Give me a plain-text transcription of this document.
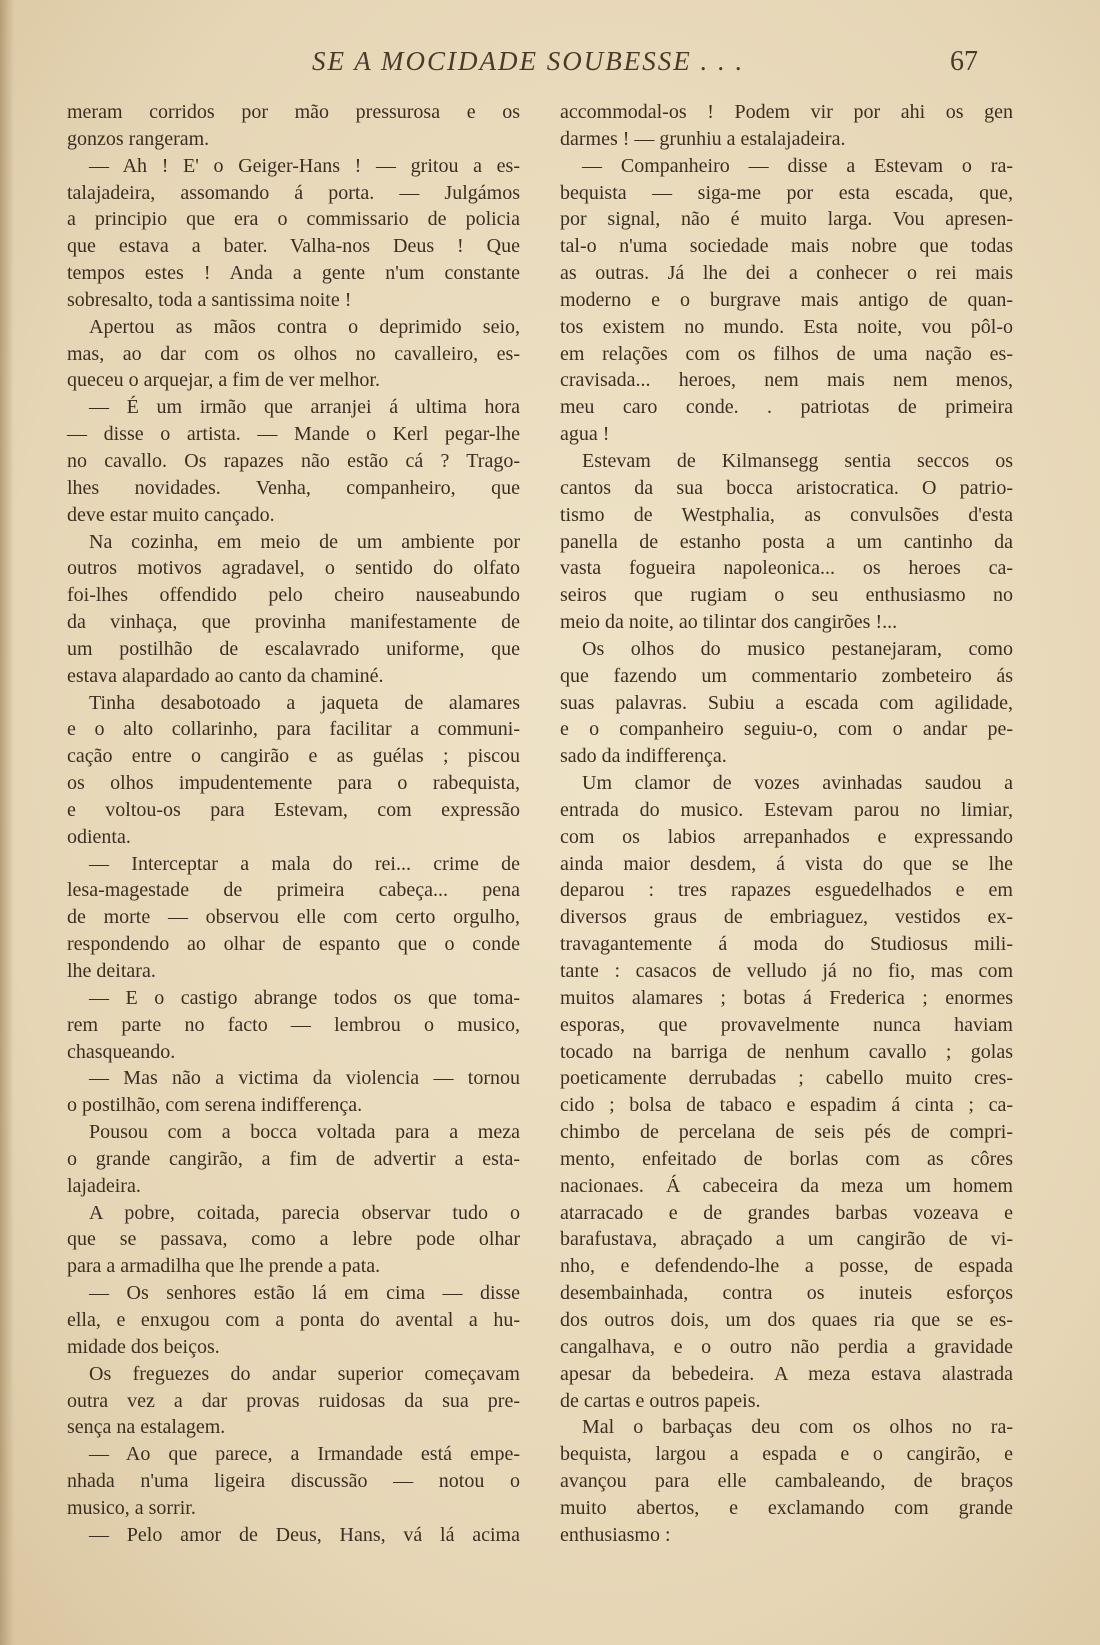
SE A MOCIDADE SOUBESSE . . .	67
meram corridos por mão pressurosa e os
gonzos rangeram.
— Ah ! E' o Geiger-Hans ! — gritou a es-
talajadeira, assomando á porta. — Julgámos
a principio que era o commissario de policia
que estava a bater. Valha-nos Deus ! Que
tempos estes ! Anda a gente n'um constante
sobresalto, toda a santissima noite !
Apertou as mãos contra o deprimido seio,
mas, ao dar com os olhos no cavalleiro, es-
queceu o arquejar, a fim de ver melhor.
— É um irmão que arranjei á ultima hora
— disse o artista. — Mande o Kerl pegar-lhe
no cavallo. Os rapazes não estão cá ? Trago-
lhes novidades. Venha, companheiro, que
deve estar muito cançado.
Na cozinha, em meio de um ambiente por
outros motivos agradavel, o sentido do olfato
foi-lhes offendido pelo cheiro nauseabundo
da vinhaça, que provinha manifestamente de
um postilhão de escalavrado uniforme, que
estava alapardado ao canto da chaminé.
Tinha desabotoado a jaqueta de alamares
e o alto collarinho, para facilitar a communi-
cação entre o cangirão e as guélas ; piscou
os olhos impudentemente para o rabequista,
e voltou-os para Estevam, com expressão
odienta.
— Interceptar a mala do rei... crime de
lesa-magestade de primeira cabeça... pena
de morte — observou elle com certo orgulho,
respondendo ao olhar de espanto que o conde
lhe deitara.
— E o castigo abrange todos os que toma-
rem parte no facto — lembrou o musico,
chasqueando.
— Mas não a victima da violencia — tornou
o postilhão, com serena indifferença.
Pousou com a bocca voltada para a meza
o grande cangirão, a fim de advertir a esta-
lajadeira.
A pobre, coitada, parecia observar tudo o
que se passava, como a lebre pode olhar
para a armadilha que lhe prende a pata.
— Os senhores estão lá em cima — disse
ella, e enxugou com a ponta do avental a hu-
midade dos beiços.
Os freguezes do andar superior começavam
outra vez a dar provas ruidosas da sua pre-
sença na estalagem.
— Ao que parece, a Irmandade está empe-
nhada n'uma ligeira discussão — notou o
musico, a sorrir.
— Pelo amor de Deus, Hans, vá lá acima
accommodal-os ! Podem vir por ahi os gen
darmes ! — grunhiu a estalajadeira.
— Companheiro — disse a Estevam o ra-
bequista — siga-me por esta escada, que,
por signal, não é muito larga. Vou apresen-
tal-o n'uma sociedade mais nobre que todas
as outras. Já lhe dei a conhecer o rei mais
moderno e o burgrave mais antigo de quan-
tos existem no mundo. Esta noite, vou pôl-o
em relações com os filhos de uma nação es-
cravisada... heroes, nem mais nem menos,
meu caro conde. . patriotas de primeira
agua !
Estevam de Kilmansegg sentia seccos os
cantos da sua bocca aristocratica. O patrio-
tismo de Westphalia, as convulsões d'esta
panella de estanho posta a um cantinho da
vasta fogueira napoleonica... os heroes ca-
seiros que rugiam o seu enthusiasmo no
meio da noite, ao tilintar dos cangirões !...
Os olhos do musico pestanejaram, como
que fazendo um commentario zombeteiro ás
suas palavras. Subiu a escada com agilidade,
e o companheiro seguiu-o, com o andar pe-
sado da indifferença.
Um clamor de vozes avinhadas saudou a
entrada do musico. Estevam parou no limiar,
com os labios arrepanhados e expressando
ainda maior desdem, á vista do que se lhe
deparou : tres rapazes esguedelhados e em
diversos graus de embriaguez, vestidos ex-
travagantemente á moda do Studiosus mili-
tante : casacos de velludo já no fio, mas com
muitos alamares ; botas á Frederica ; enormes
esporas, que provavelmente nunca haviam
tocado na barriga de nenhum cavallo ; golas
poeticamente derrubadas ; cabello muito cres-
cido ; bolsa de tabaco e espadim á cinta ; ca-
chimbo de percelana de seis pés de compri-
mento, enfeitado de borlas com as côres
nacionaes. Á cabeceira da meza um homem
atarracado e de grandes barbas vozeava e
barafustava, abraçado a um cangirão de vi-
nho, e defendendo-lhe a posse, de espada
desembainhada, contra os inuteis esforços
dos outros dois, um dos quaes ria que se es-
cangalhava, e o outro não perdia a gravidade
apesar da bebedeira. A meza estava alastrada
de cartas e outros papeis.
Mal o barbaças deu com os olhos no ra-
bequista, largou a espada e o cangirão, e
avançou para elle cambaleando, de braços
muito abertos, e exclamando com grande
enthusiasmo :
